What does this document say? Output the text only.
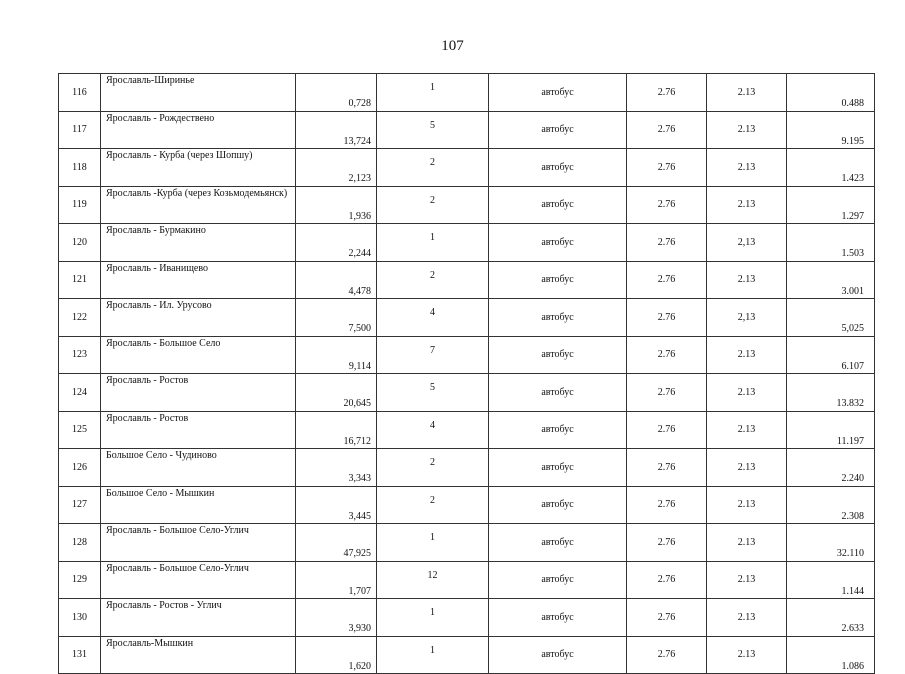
107
116	Ярославль-Ширинье	0,728	1	автобус	2.76	2.13	0.488
117	Ярославль - Рождествено	13,724	5	автобус	2.76	2.13	9.195
118	Ярославль - Курба (через Шопшу)	2,123	2	автобус	2.76	2.13	1.423
119	Ярославль -Курба (через Козьмодемьянск)	1,936	2	автобус	2.76	2.13	1.297
120	Ярославль - Бурмакино	2,244	1	автобус	2.76	2,13	1.503
121	Ярославль - Иванищево	4,478	2	автобус	2.76	2.13	3.001
122	Ярославль - Ил. Урусово	7,500	4	автобус	2.76	2,13	5,025
123	Ярославль - Большое Село	9,114	7	автобус	2.76	2.13	6.107
124	Ярославль - Ростов	20,645	5	автобус	2.76	2.13	13.832
125	Ярославль - Ростов	16,712	4	автобус	2.76	2.13	11.197
126	Большое Село - Чудиново	3,343	2	автобус	2.76	2.13	2.240
127	Большое Село - Мышкин	3,445	2	автобус	2.76	2.13	2.308
128	Ярославль - Большое Село-Углич	47,925	1	автобус	2.76	2.13	32.110
129	Ярославль - Большое Село-Углич	1,707	12	автобус	2.76	2.13	1.144
130	Ярославль - Ростов - Углич	3,930	1	автобус	2.76	2.13	2.633
131	Ярославль-Мышкин	1,620	1	автобус	2.76	2.13	1.086
